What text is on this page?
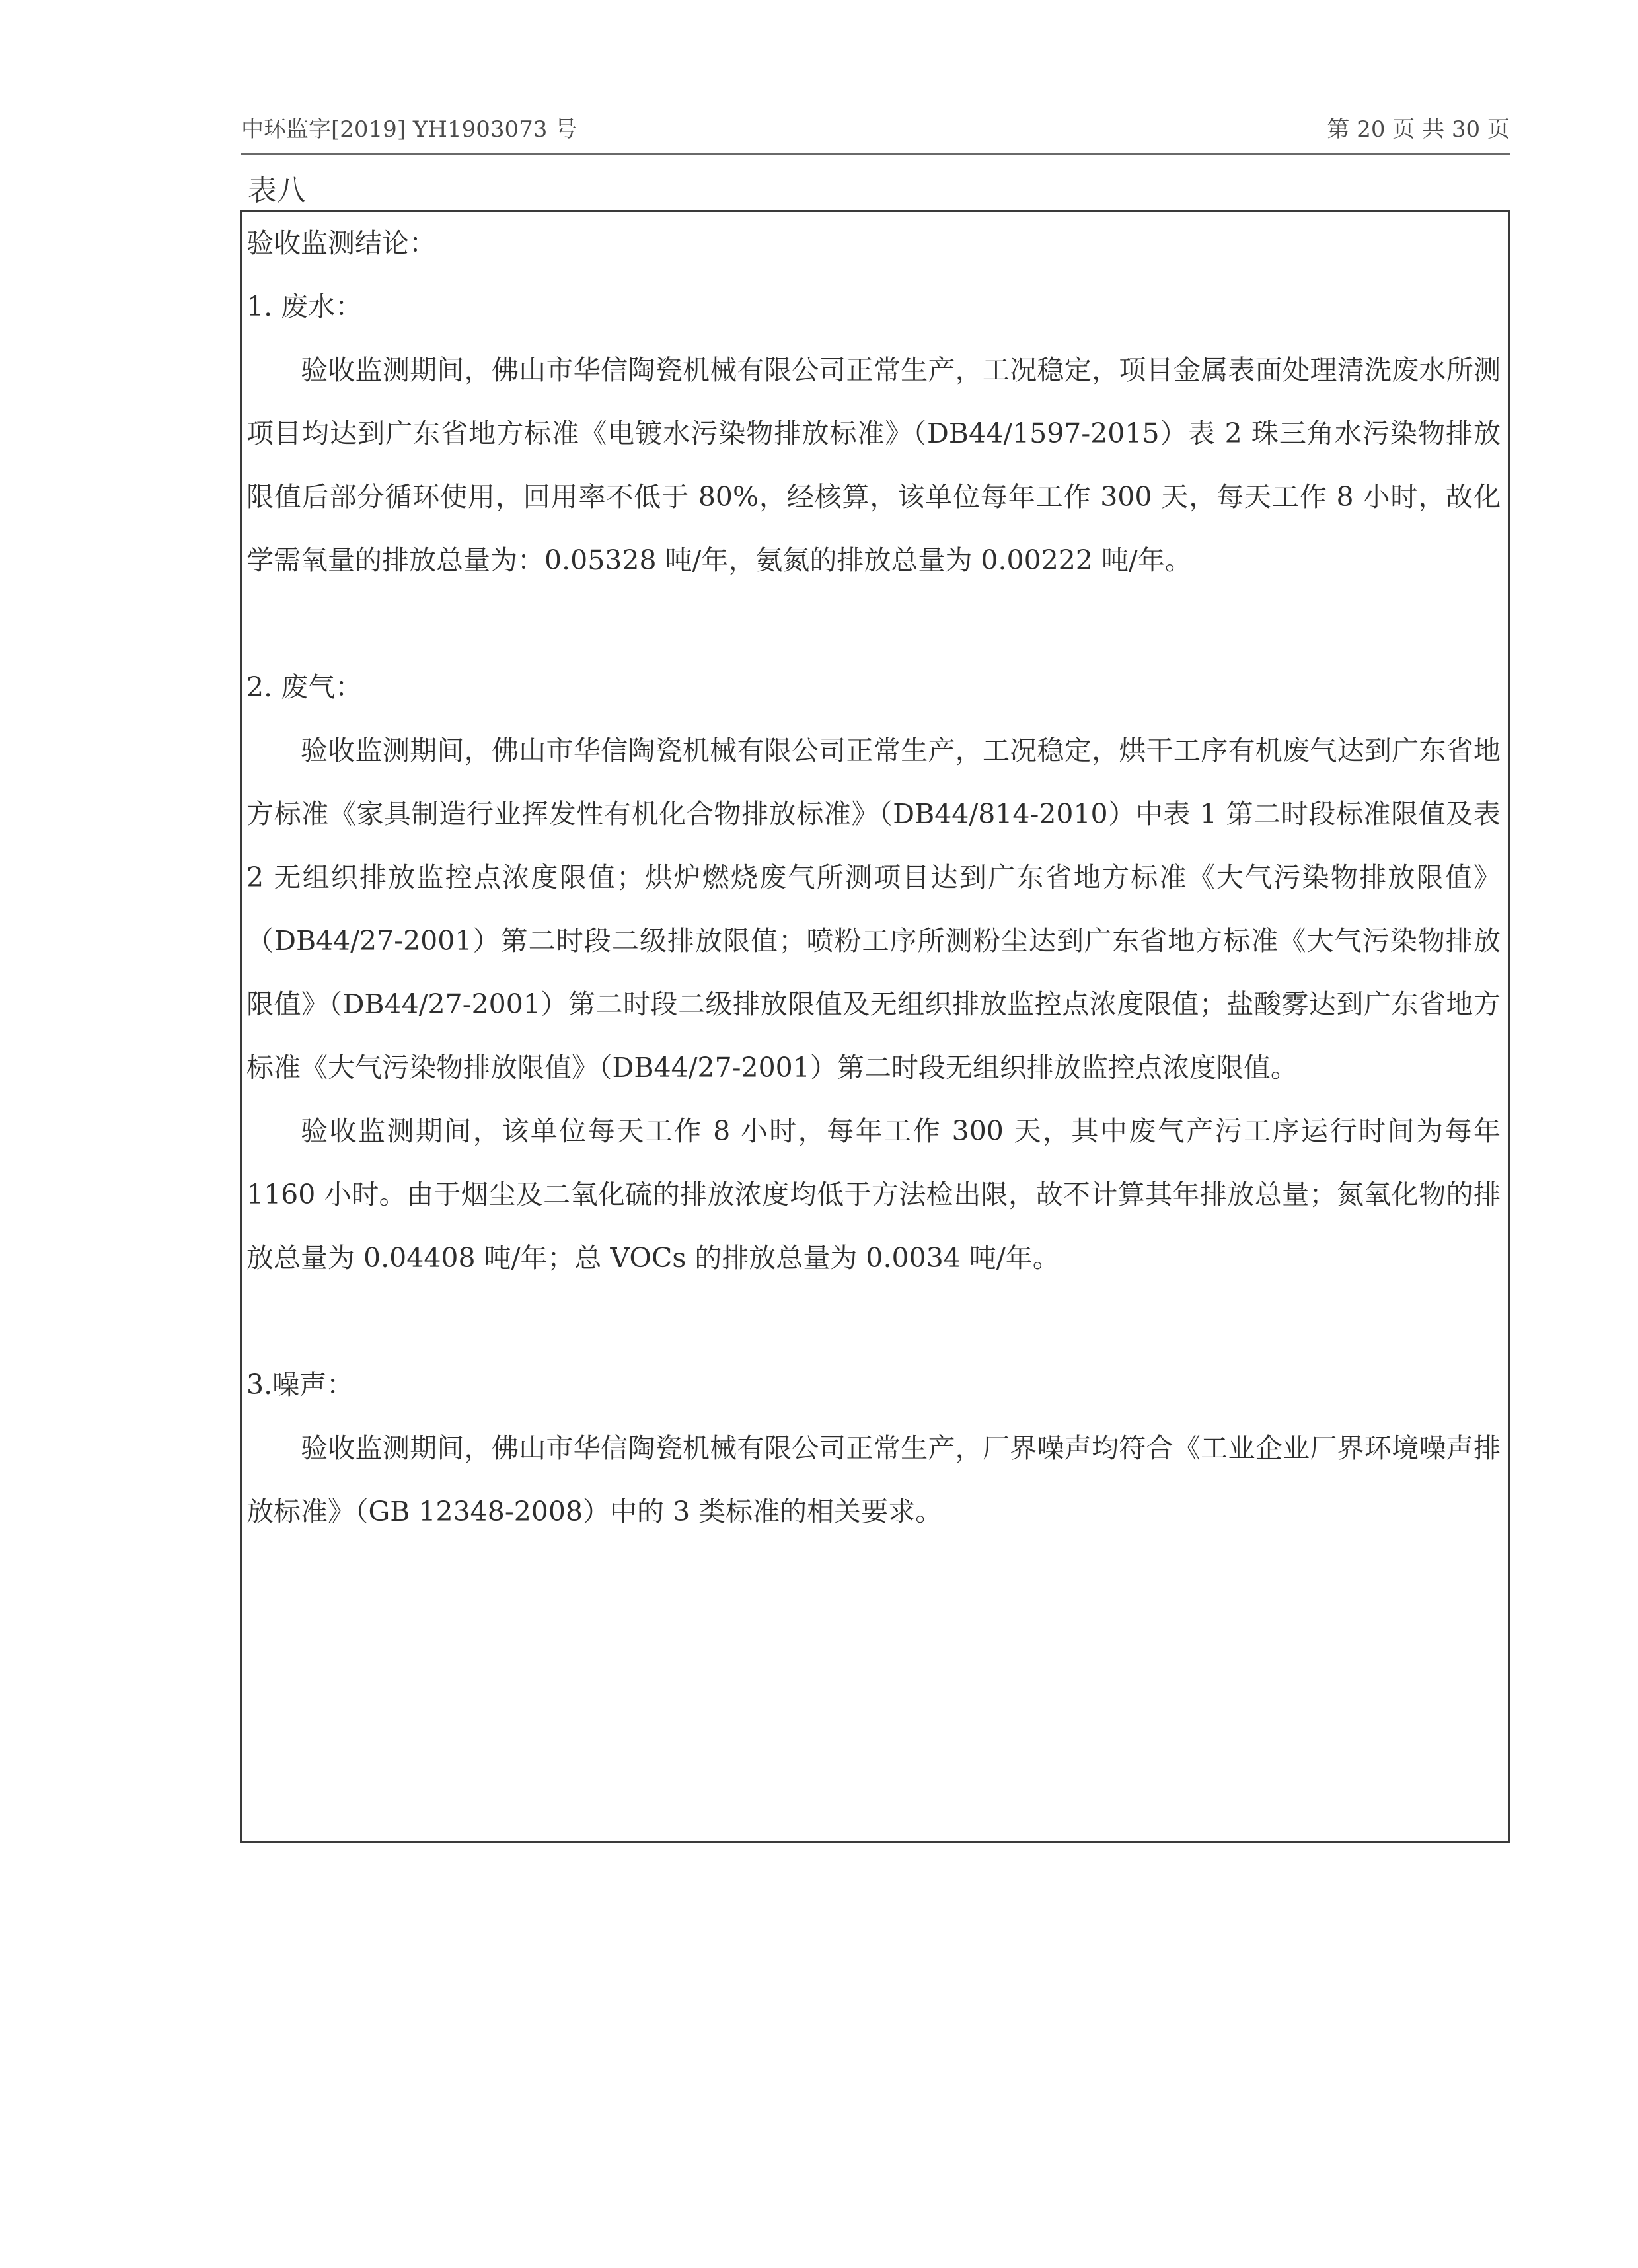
中环监字[2019] YH1903073 号	第 20 页 共 30 页
表八
验收监测结论：
1. 废水：

验收监测期间，佛山市华信陶瓷机械有限公司正常生产，工况稳定，项目金属表面处理清洗废水所测项目均达到广东省地方标准《电镀水污染物排放标准》（DB44/1597-2015）表 2 珠三角水污染物排放限值后部分循环使用，回用率不低于 80%，经核算，该单位每年工作 300 天，每天工作 8 小时，故化学需氧量的排放总量为：0.05328 吨/年，氨氮的排放总量为 0.00222 吨/年。

2. 废气：

验收监测期间，佛山市华信陶瓷机械有限公司正常生产，工况稳定，烘干工序有机废气达到广东省地方标准《家具制造行业挥发性有机化合物排放标准》（DB44/814-2010）中表 1 第二时段标准限值及表 2 无组织排放监控点浓度限值；烘炉燃烧废气所测项目达到广东省地方标准《大气污染物排放限值》（DB44/27-2001）第二时段二级排放限值；喷粉工序所测粉尘达到广东省地方标准《大气污染物排放限值》（DB44/27-2001）第二时段二级排放限值及无组织排放监控点浓度限值；盐酸雾达到广东省地方标准《大气污染物排放限值》（DB44/27-2001）第二时段无组织排放监控点浓度限值。

验收监测期间，该单位每天工作 8 小时，每年工作 300 天，其中废气产污工序运行时间为每年 1160 小时。由于烟尘及二氧化硫的排放浓度均低于方法检出限，故不计算其年排放总量；氮氧化物的排放总量为 0.04408 吨/年；总 VOCs 的排放总量为 0.0034 吨/年。

3.噪声：

验收监测期间，佛山市华信陶瓷机械有限公司正常生产，厂界噪声均符合《工业企业厂界环境噪声排放标准》（GB 12348-2008）中的 3 类标准的相关要求。
